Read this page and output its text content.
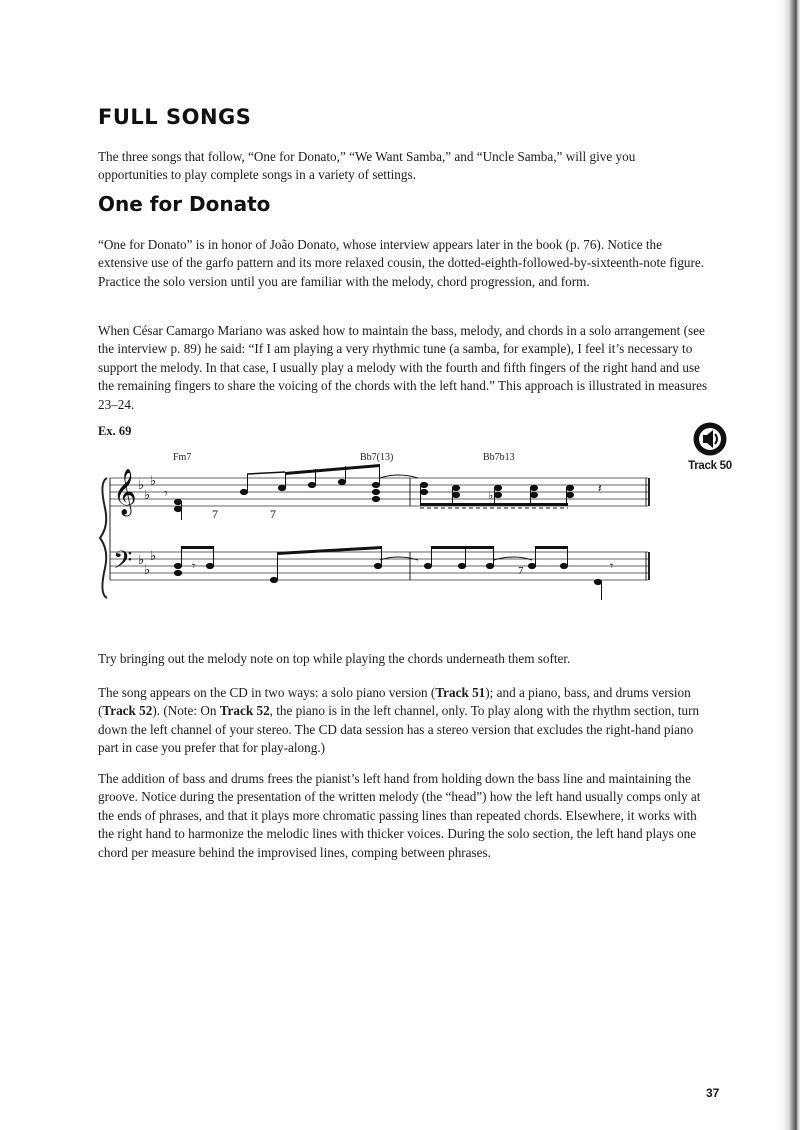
FULL SONGS

The three songs that follow, “One for Donato,” “We Want Samba,” and “Uncle Samba,” will give you opportunities to play complete songs in a variety of settings.

One for Donato

“One for Donato” is in honor of João Donato, whose interview appears later in the book (p. 76). Notice the extensive use of the garfo pattern and its more relaxed cousin, the dotted-eighth-followed-by-sixteenth-note figure. Practice the solo version until you are familiar with the melody, chord progression, and form.

When César Camargo Mariano was asked how to maintain the bass, melody, and chords in a solo arrangement (see the interview p. 89) he said: “If I am playing a very rhythmic tune (a samba, for example), I feel it’s necessary to support the melody. In that case, I usually play a melody with the fourth and fifth fingers of the right hand and use the remaining fingers to share the voicing of the chords with the left hand.” This approach is illustrated in measures 23–24.

Ex. 69
Track 50
Fm7	Bb7(13)	Bb7b13
𝄞
𝄢
♭
♭
♭
♭
♭
♭
𝄾
7	7
♭
𝄽
𝄾	7	𝄾

Try bringing out the melody note on top while playing the chords underneath them softer.

The song appears on the CD in two ways: a solo piano version (Track 51); and a piano, bass, and drums version (Track 52). (Note: On Track 52, the piano is in the left channel, only. To play along with the rhythm section, turn down the left channel of your stereo. The CD data session has a stereo version that excludes the right-hand piano part in case you prefer that for play-along.)

The addition of bass and drums frees the pianist’s left hand from holding down the bass line and maintaining the groove. Notice during the presentation of the written melody (the “head”) how the left hand usually comps only at the ends of phrases, and that it plays more chromatic passing lines than repeated chords. Elsewhere, it works with the right hand to harmonize the melodic lines with thicker voices. During the solo section, the left hand plays one chord per measure behind the improvised lines, comping between phrases.

37
